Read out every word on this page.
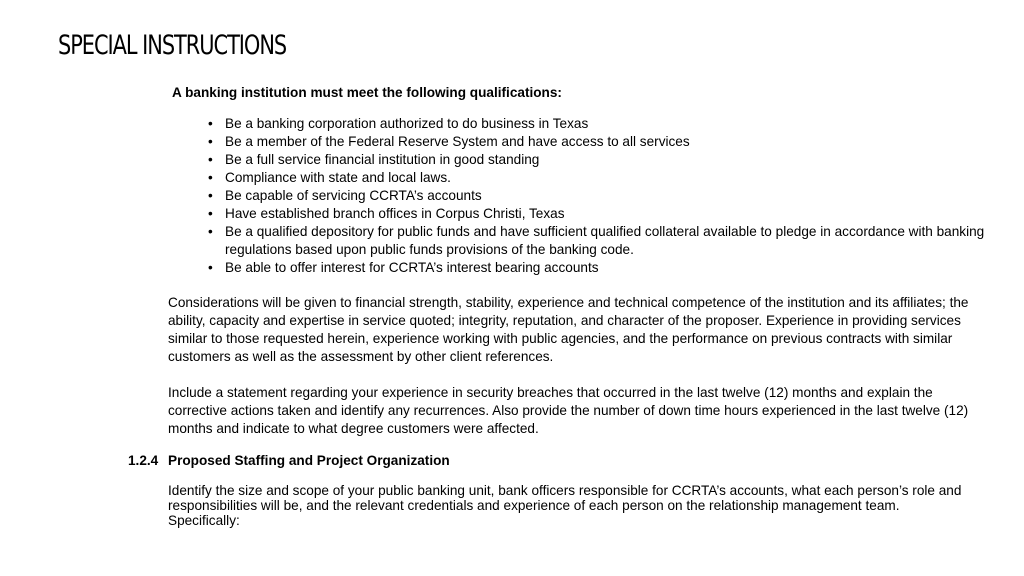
SPECIAL INSTRUCTIONS
A banking institution must meet the following qualifications:
• Be a banking corporation authorized to do business in Texas
• Be a member of the Federal Reserve System and have access to all services
• Be a full service financial institution in good standing
• Compliance with state and local laws.
• Be capable of servicing CCRTA’s accounts
• Have established branch offices in Corpus Christi, Texas
• Be a qualified depository for public funds and have sufficient qualified collateral available to pledge in accordance with banking regulations based upon public funds provisions of the banking code.
• Be able to offer interest for CCRTA’s interest bearing accounts

Considerations will be given to financial strength, stability, experience and technical competence of the institution and its affiliates; the ability, capacity and expertise in service quoted; integrity, reputation, and character of the proposer. Experience in providing services similar to those requested herein, experience working with public agencies, and the performance on previous contracts with similar customers as well as the assessment by other client references.

Include a statement regarding your experience in security breaches that occurred in the last twelve (12) months and explain the corrective actions taken and identify any recurrences. Also provide the number of down time hours experienced in the last twelve (12) months and indicate to what degree customers were affected.

1.2.4 Proposed Staffing and Project Organization

Identify the size and scope of your public banking unit, bank officers responsible for CCRTA’s accounts, what each person’s role and responsibilities will be, and the relevant credentials and experience of each person on the relationship management team. Specifically:
